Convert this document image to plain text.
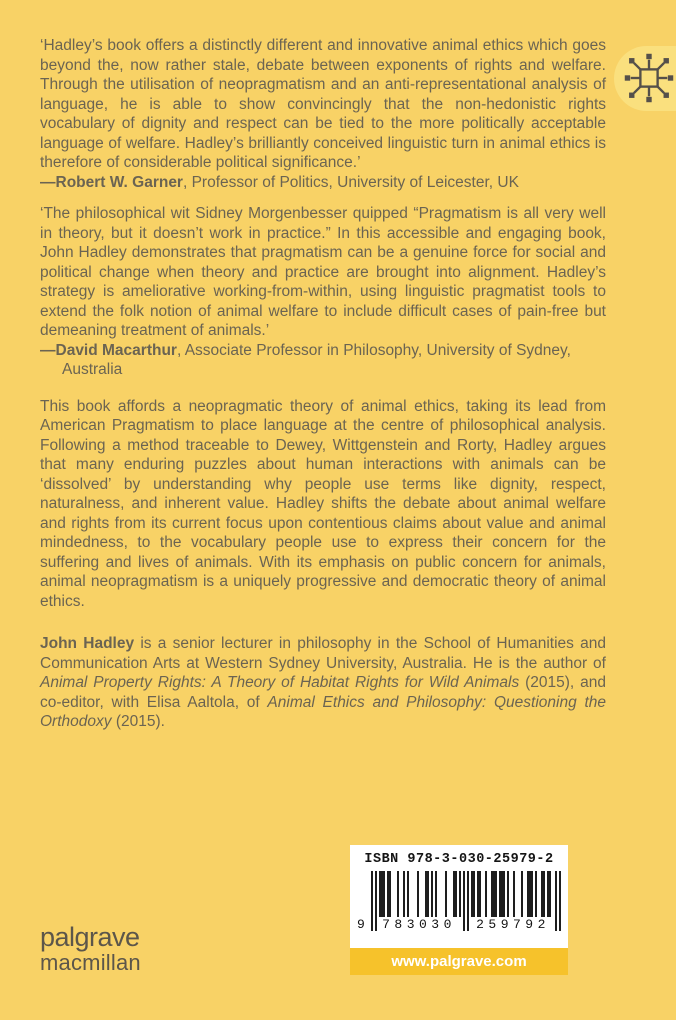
‘Hadley’s book offers a distinctly different and innovative animal ethics which goes beyond the, now rather stale, debate between exponents of rights and welfare. Through the utilisation of neopragmatism and an anti-representational analysis of language, he is able to show convincingly that the non-hedonistic rights vocabulary of dignity and respect can be tied to the more politically acceptable language of welfare. Hadley’s brilliantly conceived linguistic turn in animal ethics is therefore of considerable political significance.’

—Robert W. Garner, Professor of Politics, University of Leicester, UK

‘The philosophical wit Sidney Morgenbesser quipped “Pragmatism is all very well in theory, but it doesn’t work in practice.” In this accessible and engaging book, John Hadley demonstrates that pragmatism can be a genuine force for social and political change when theory and practice are brought into alignment. Hadley’s strategy is ameliorative working-from-within, using linguistic pragmatist tools to extend the folk notion of animal welfare to include difficult cases of pain-free but demeaning treatment of animals.’

—David Macarthur, Associate Professor in Philosophy, University of Sydney,
Australia

This book affords a neopragmatic theory of animal ethics, taking its lead from American Pragmatism to place language at the centre of philosophical analysis. Following a method traceable to Dewey, Wittgenstein and Rorty, Hadley argues that many enduring puzzles about human interactions with animals can be ‘dissolved’ by understanding why people use terms like dignity, respect, naturalness, and inherent value. Hadley shifts the debate about animal welfare and rights from its current focus upon contentious claims about value and animal mindedness, to the vocabulary people use to express their concern for the suffering and lives of animals. With its emphasis on public concern for animals, animal neopragmatism is a uniquely progressive and democratic theory of animal ethics.

John Hadley is a senior lecturer in philosophy in the School of Humanities and Communication Arts at Western Sydney University, Australia. He is the author of Animal Property Rights: A Theory of Habitat Rights for Wild Animals (2015), and co-editor, with Elisa Aaltola, of Animal Ethics and Philosophy: Questioning the Orthodoxy (2015).

palgrave
macmillan
ISBN 978-3-030-25979-2
9	783030	259792
www.palgrave.com
